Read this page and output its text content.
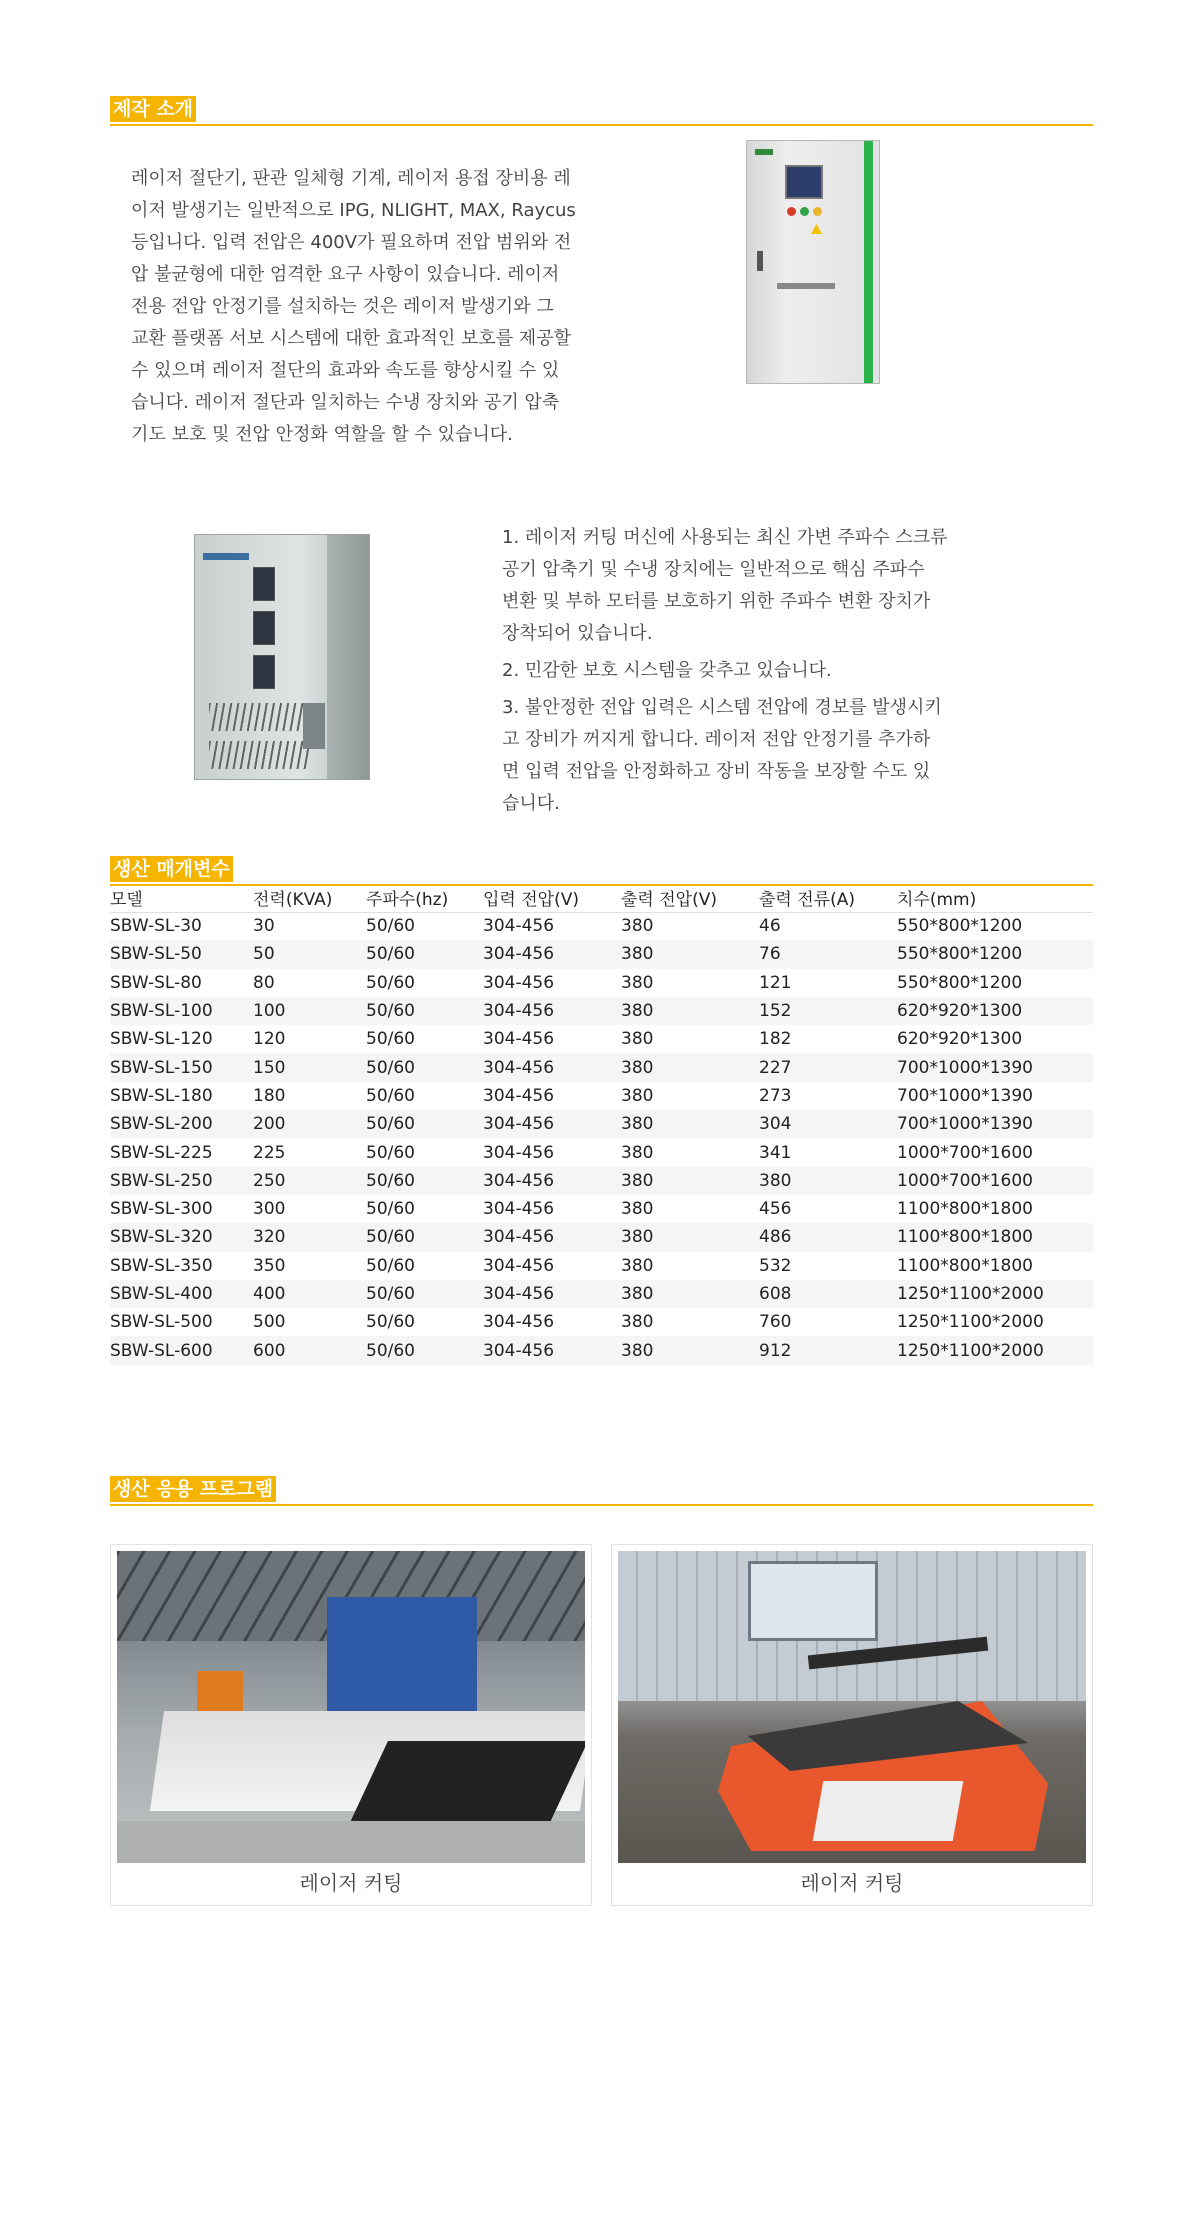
제작 소개
레이저 절단기, 판관 일체형 기계, 레이저 용접 장비용 레
이저 발생기는 일반적으로 IPG, NLIGHT, MAX, Raycus
등입니다. 입력 전압은 400V가 필요하며 전압 범위와 전
압 불균형에 대한 엄격한 요구 사항이 있습니다. 레이저
전용 전압 안정기를 설치하는 것은 레이저 발생기와 그
교환 플랫폼 서보 시스템에 대한 효과적인 보호를 제공할
수 있으며 레이저 절단의 효과와 속도를 향상시킬 수 있
습니다. 레이저 절단과 일치하는 수냉 장치와 공기 압축
기도 보호 및 전압 안정화 역할을 할 수 있습니다.

1. 레이저 커팅 머신에 사용되는 최신 가변 주파수 스크류
공기 압축기 및 수냉 장치에는 일반적으로 핵심 주파수
변환 및 부하 모터를 보호하기 위한 주파수 변환 장치가
장착되어 있습니다.

2. 민감한 보호 시스템을 갖추고 있습니다.

3. 불안정한 전압 입력은 시스템 전압에 경보를 발생시키
고 장비가 꺼지게 합니다. 레이저 전압 안정기를 추가하
면 입력 전압을 안정화하고 장비 작동을 보장할 수도 있
습니다.

생산 매개변수
모델	전력(KVA)	주파수(hz)	입력 전압(V)	출력 전압(V)	출력 전류(A)	치수(mm)
SBW-SL-30	30	50/60	304-456	380	46	550*800*1200
SBW-SL-50	50	50/60	304-456	380	76	550*800*1200
SBW-SL-80	80	50/60	304-456	380	121	550*800*1200
SBW-SL-100	100	50/60	304-456	380	152	620*920*1300
SBW-SL-120	120	50/60	304-456	380	182	620*920*1300
SBW-SL-150	150	50/60	304-456	380	227	700*1000*1390
SBW-SL-180	180	50/60	304-456	380	273	700*1000*1390
SBW-SL-200	200	50/60	304-456	380	304	700*1000*1390
SBW-SL-225	225	50/60	304-456	380	341	1000*700*1600
SBW-SL-250	250	50/60	304-456	380	380	1000*700*1600
SBW-SL-300	300	50/60	304-456	380	456	1100*800*1800
SBW-SL-320	320	50/60	304-456	380	486	1100*800*1800
SBW-SL-350	350	50/60	304-456	380	532	1100*800*1800
SBW-SL-400	400	50/60	304-456	380	608	1250*1100*2000
SBW-SL-500	500	50/60	304-456	380	760	1250*1100*2000
SBW-SL-600	600	50/60	304-456	380	912	1250*1100*2000
생산 응용 프로그램
레이저 커팅	레이저 커팅
